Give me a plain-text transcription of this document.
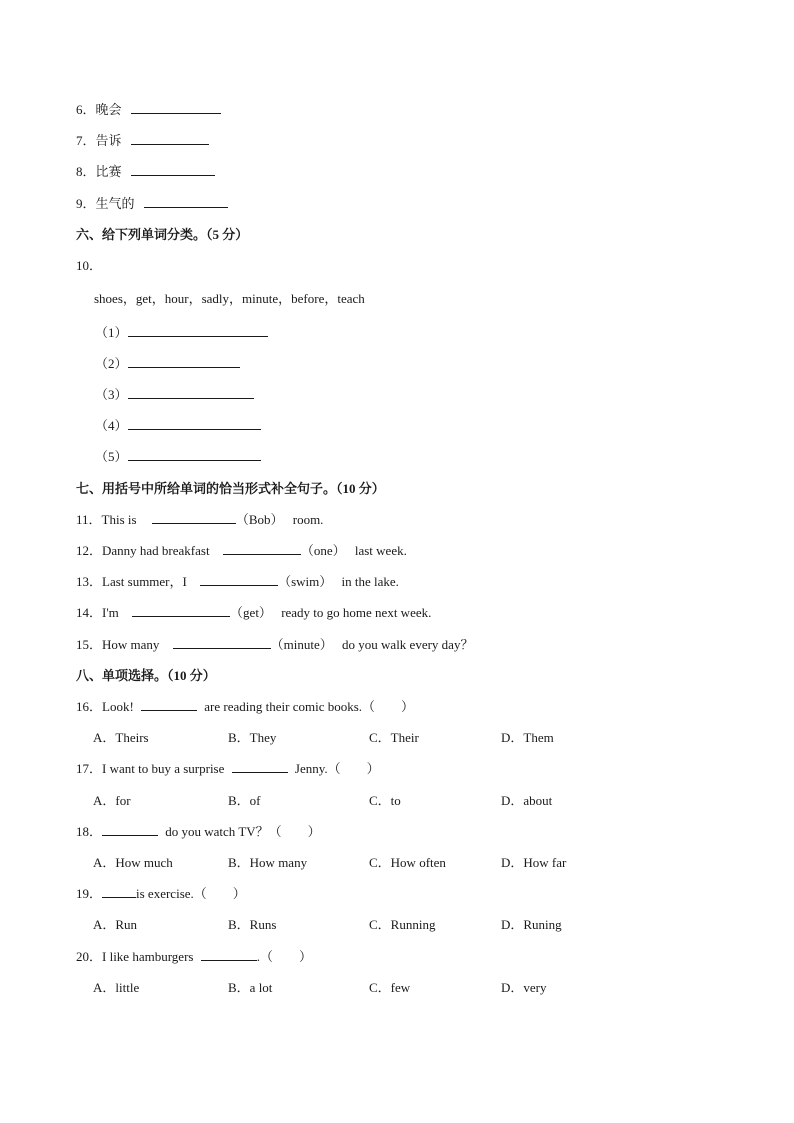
6．晚会
7．告诉
8．比赛
9．生气的
六、给下列单词分类。（5 分）
10．
shoes，get，hour，sadly，minute，before，teach
（1）
（2）
（3）
（4）
（5）
七、用括号中所给单词的恰当形式补全句子。（10 分）
11．This is	（Bob） room.
12．Danny had breakfast	（one） last week.
13．Last summer，I	（swim） in the lake.
14．I'm	（get） ready to go home next week.
15．How many	（minute） do you walk every day？
八、单项选择。（10 分）
16．Look!	are reading their comic books.（　　）
A．Theirs	B．They	C．Their	D．Them
17．I want to buy a surprise	Jenny.（　　）
A．for	B．of	C．to	D．about
18．	do you watch TV？（　　）
A．How much	B．How many	C．How often	D．How far
19．	is exercise.（　　）
A．Run	B．Runs	C．Running	D．Runing
20．I like hamburgers	.（　　）
A．little	B．a lot	C．few	D．very
